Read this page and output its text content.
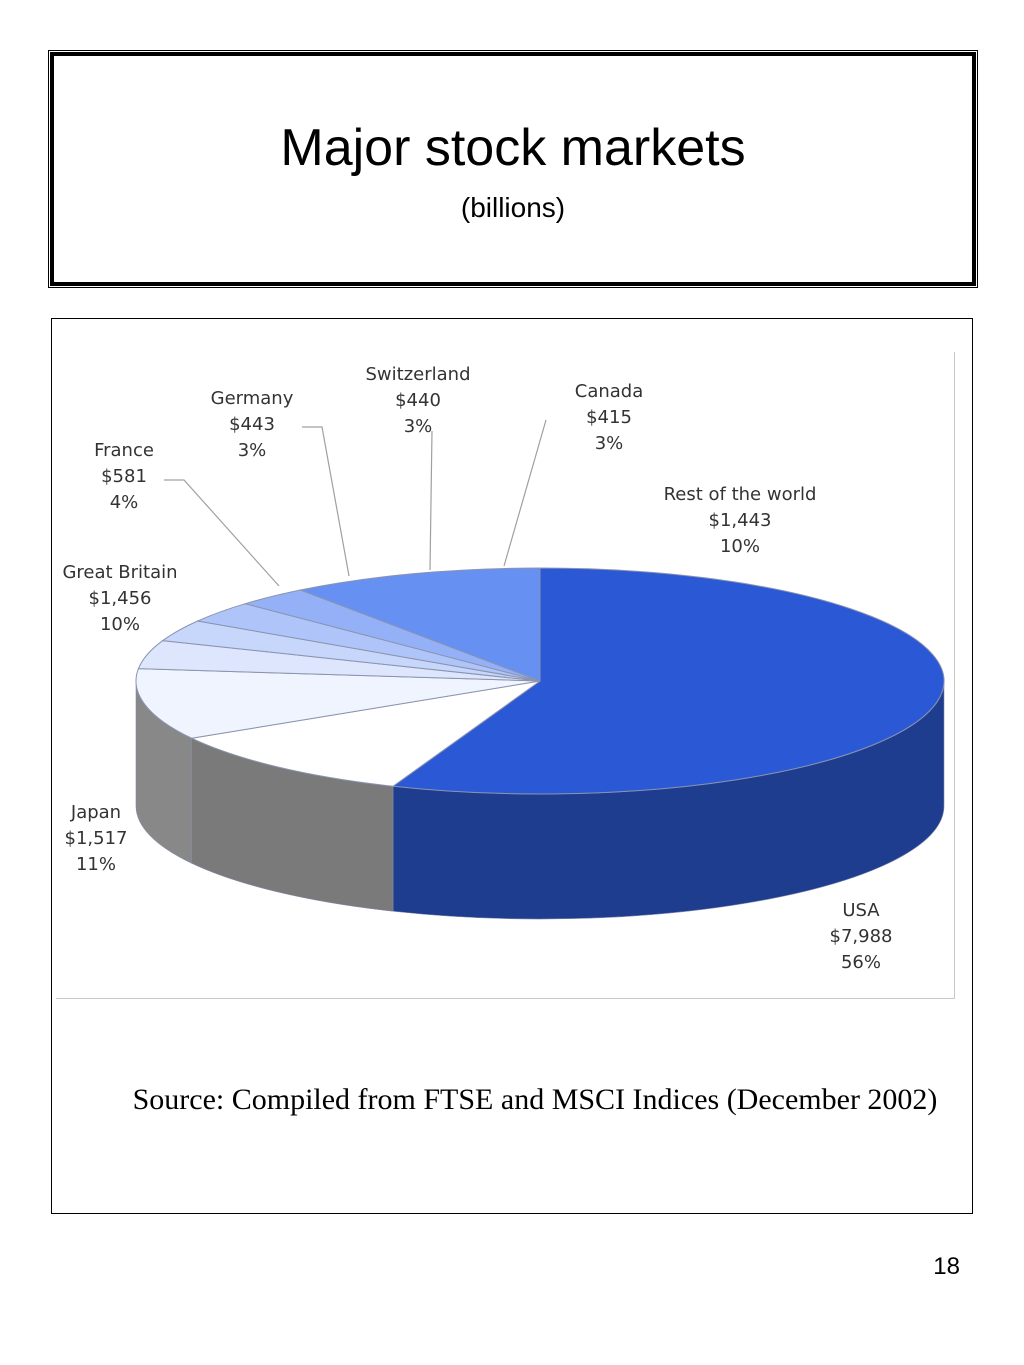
Major stock markets
(billions)
USA $7,988 56%
Japan $1,517 11%
Great Britain $1,456 10%
France $581 4%
Germany $443 3%
Switzerland $440 3%
Canada $415 3%
Rest of the world $1,443 10%
Source: Compiled from FTSE and MSCI Indices (December 2002)
18
